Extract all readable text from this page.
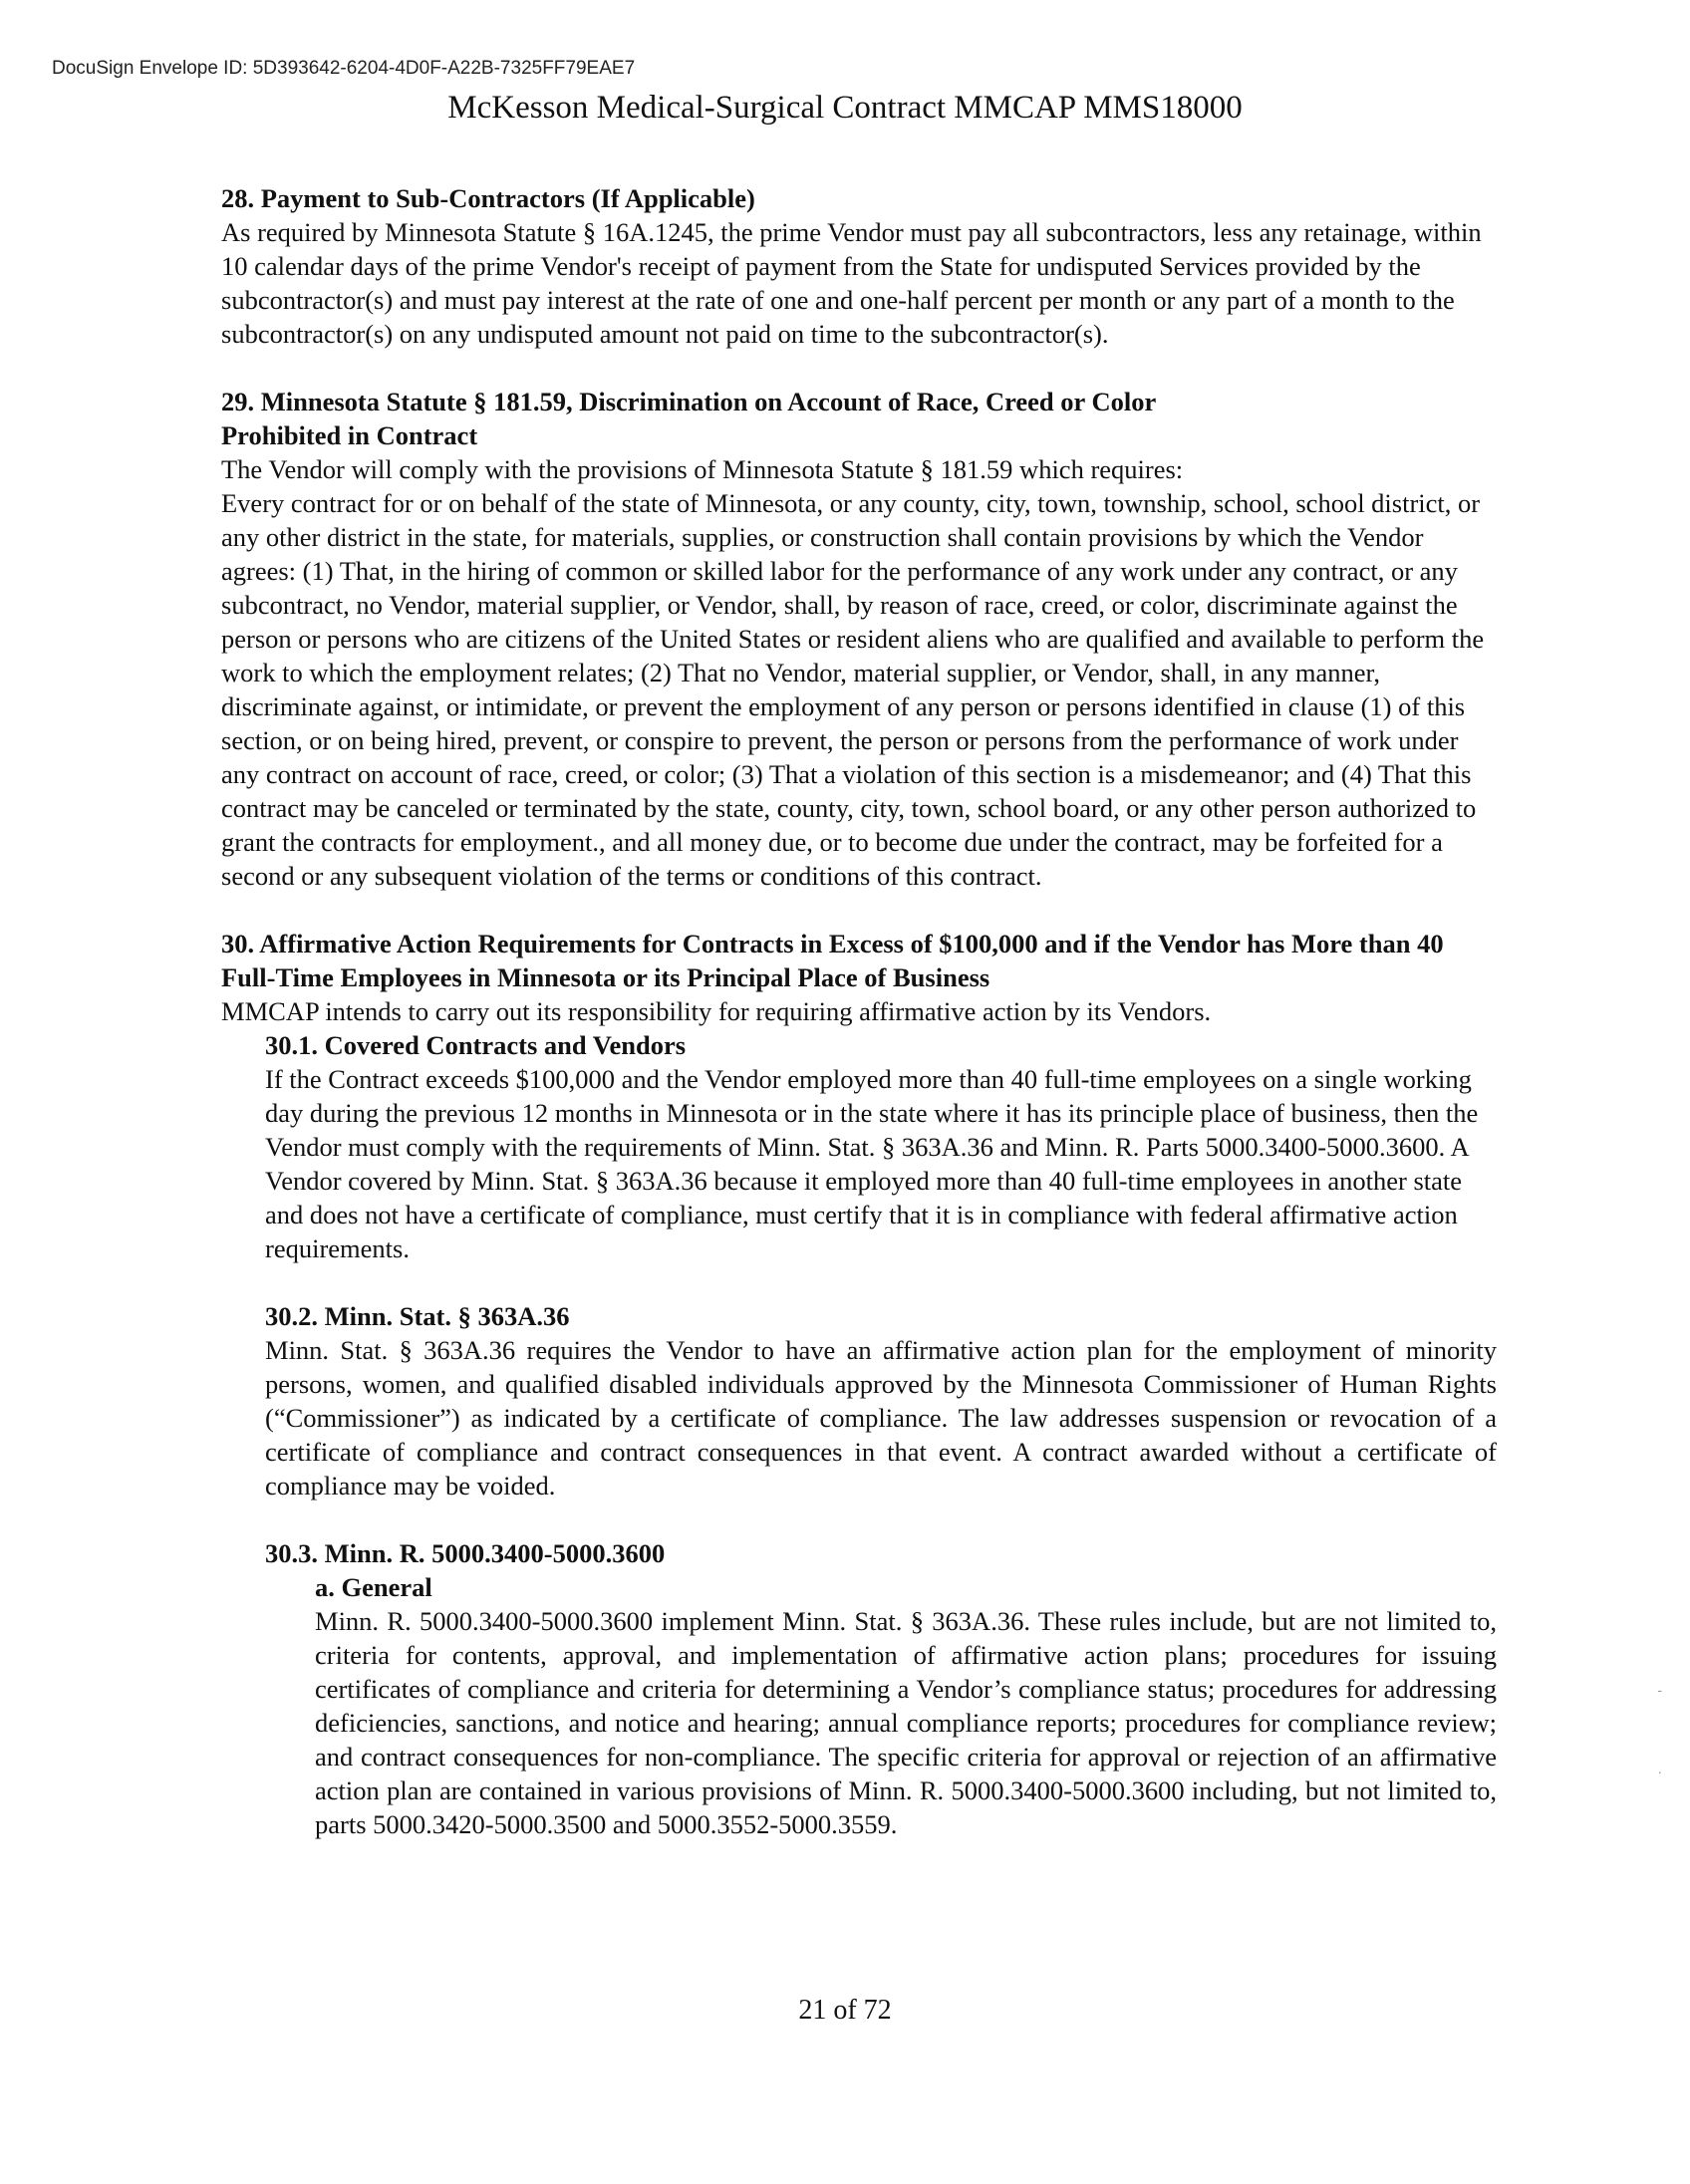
DocuSign Envelope ID: 5D393642-6204-4D0F-A22B-7325FF79EAE7
McKesson Medical-Surgical Contract MMCAP MMS18000

28. Payment to Sub-Contractors (If Applicable)

As required by Minnesota Statute § 16A.1245, the prime Vendor must pay all subcontractors, less any retainage, within 10 calendar days of the prime Vendor's receipt of payment from the State for undisputed Services provided by the subcontractor(s) and must pay interest at the rate of one and one-half percent per month or any part of a month to the subcontractor(s) on any undisputed amount not paid on time to the subcontractor(s).

29. Minnesota Statute § 181.59, Discrimination on Account of Race, Creed or Color Prohibited in Contract

The Vendor will comply with the provisions of Minnesota Statute § 181.59 which requires:

Every contract for or on behalf of the state of Minnesota, or any county, city, town, township, school, school district, or any other district in the state, for materials, supplies, or construction shall contain provisions by which the Vendor agrees: (1) That, in the hiring of common or skilled labor for the performance of any work under any contract, or any subcontract, no Vendor, material supplier, or Vendor, shall, by reason of race, creed, or color, discriminate against the person or persons who are citizens of the United States or resident aliens who are qualified and available to perform the work to which the employment relates; (2) That no Vendor, material supplier, or Vendor, shall, in any manner, discriminate against, or intimidate, or prevent the employment of any person or persons identified in clause (1) of this section, or on being hired, prevent, or conspire to prevent, the person or persons from the performance of work under any contract on account of race, creed, or color; (3) That a violation of this section is a misdemeanor; and (4) That this contract may be canceled or terminated by the state, county, city, town, school board, or any other person authorized to grant the contracts for employment., and all money due, or to become due under the contract, may be forfeited for a second or any subsequent violation of the terms or conditions of this contract.

30. Affirmative Action Requirements for Contracts in Excess of $100,000 and if the Vendor has More than 40 Full-Time Employees in Minnesota or its Principal Place of Business

MMCAP intends to carry out its responsibility for requiring affirmative action by its Vendors.

30.1. Covered Contracts and Vendors

If the Contract exceeds $100,000 and the Vendor employed more than 40 full-time employees on a single working day during the previous 12 months in Minnesota or in the state where it has its principle place of business, then the Vendor must comply with the requirements of Minn. Stat. § 363A.36 and Minn. R. Parts 5000.3400-5000.3600. A Vendor covered by Minn. Stat. § 363A.36 because it employed more than 40 full-time employees in another state and does not have a certificate of compliance, must certify that it is in compliance with federal affirmative action requirements.

30.2. Minn. Stat. § 363A.36

Minn. Stat. § 363A.36 requires the Vendor to have an affirmative action plan for the employment of minority persons, women, and qualified disabled individuals approved by the Minnesota Commissioner of Human Rights (“Commissioner”) as indicated by a certificate of compliance. The law addresses suspension or revocation of a certificate of compliance and contract consequences in that event. A contract awarded without a certificate of compliance may be voided.

30.3. Minn. R. 5000.3400-5000.3600

a. General

Minn. R. 5000.3400-5000.3600 implement Minn. Stat. § 363A.36. These rules include, but are not limited to, criteria for contents, approval, and implementation of affirmative action plans; procedures for issuing certificates of compliance and criteria for determining a Vendor’s compliance status; procedures for addressing deficiencies, sanctions, and notice and hearing; annual compliance reports; procedures for compliance review; and contract consequences for non-compliance. The specific criteria for approval or rejection of an affirmative action plan are contained in various provisions of Minn. R. 5000.3400-5000.3600 including, but not limited to, parts 5000.3420-5000.3500 and 5000.3552-5000.3559.

21 of 72
-
·
